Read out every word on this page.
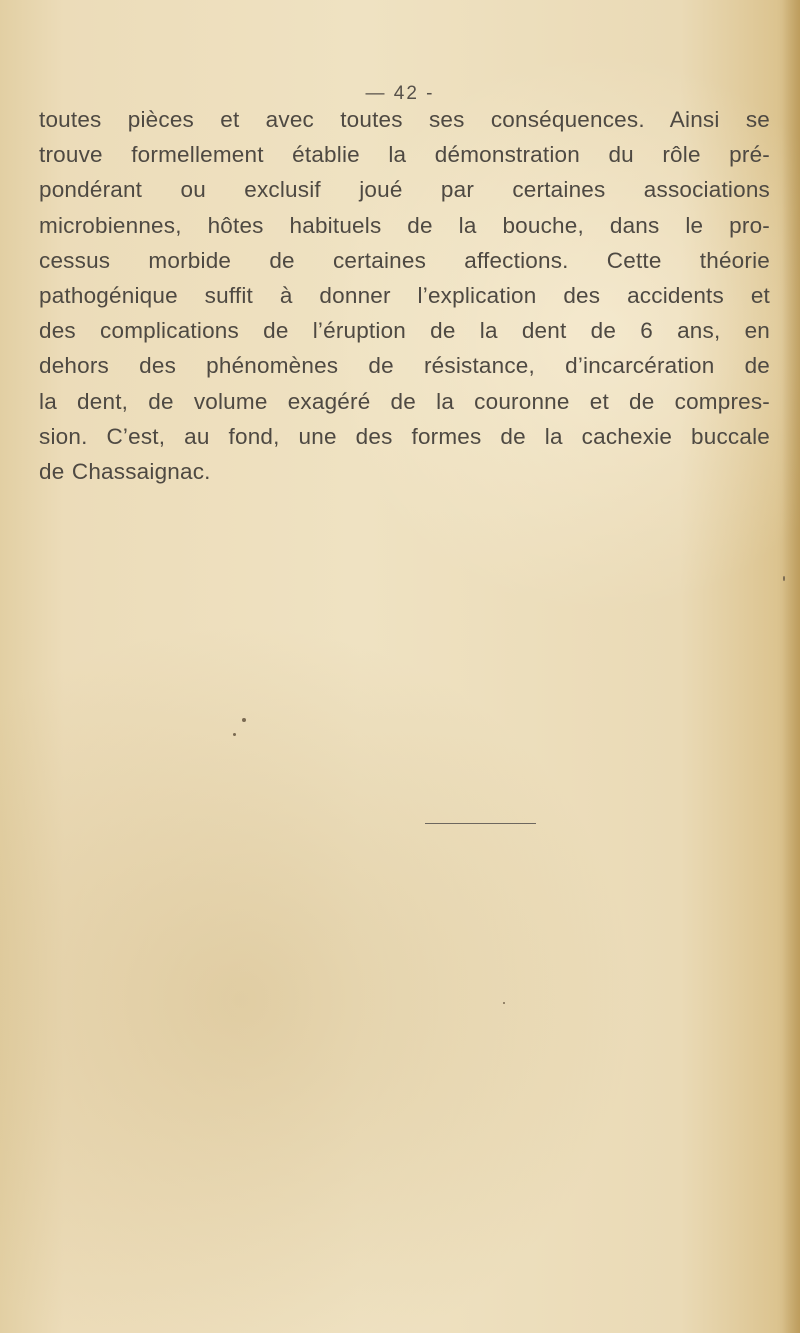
— 42 -
toutes pièces et avec toutes ses conséquences. Ainsi se
trouve formellement établie la démonstration du rôle pré-
pondérant ou exclusif joué par certaines associations
microbiennes, hôtes habituels de la bouche, dans le pro-
cessus morbide de certaines affections. Cette théorie
pathogénique suffit à donner l’explication des accidents et
des complications de l’éruption de la dent de 6 ans, en
dehors des phénomènes de résistance, d’incarcération de
la dent, de volume exagéré de la couronne et de compres-
sion. C’est, au fond, une des formes de la cachexie buccale
de Chassaignac.
